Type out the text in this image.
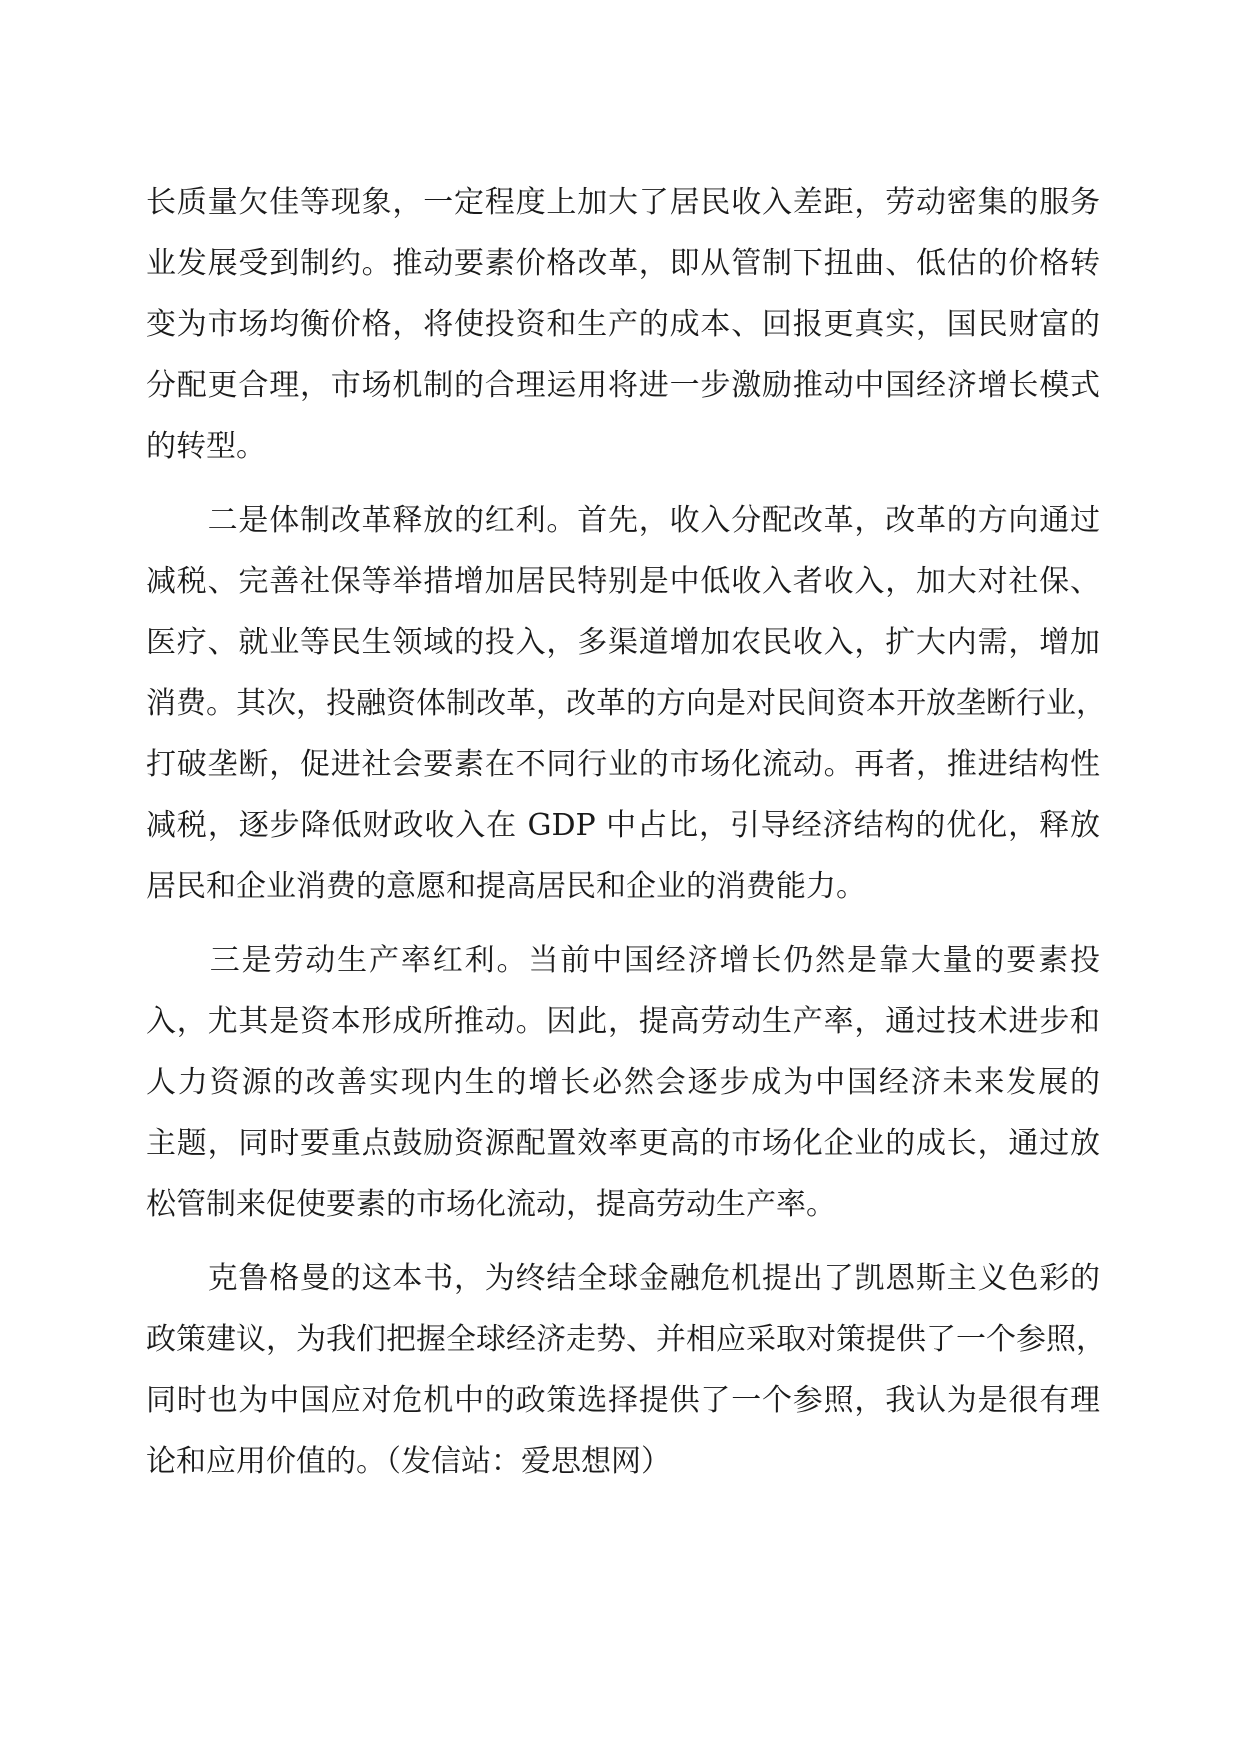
长质量欠佳等现象，一定程度上加大了居民收入差距，劳动密集的服务
业发展受到制约。推动要素价格改革，即从管制下扭曲、低估的价格转
变为市场均衡价格，将使投资和生产的成本、回报更真实，国民财富的
分配更合理，市场机制的合理运用将进一步激励推动中国经济增长模式
的转型。
　　二是体制改革释放的红利。首先，收入分配改革，改革的方向通过
减税、完善社保等举措增加居民特别是中低收入者收入，加大对社保、
医疗、就业等民生领域的投入，多渠道增加农民收入，扩大内需，增加
消费。其次，投融资体制改革，改革的方向是对民间资本开放垄断行业，
打破垄断，促进社会要素在不同行业的市场化流动。再者，推进结构性
减税，逐步降低财政收入在 GDP 中占比，引导经济结构的优化，释放
居民和企业消费的意愿和提高居民和企业的消费能力。
　　三是劳动生产率红利。当前中国经济增长仍然是靠大量的要素投
入，尤其是资本形成所推动。因此，提高劳动生产率，通过技术进步和
人力资源的改善实现内生的增长必然会逐步成为中国经济未来发展的
主题，同时要重点鼓励资源配置效率更高的市场化企业的成长，通过放
松管制来促使要素的市场化流动，提高劳动生产率。
　　克鲁格曼的这本书，为终结全球金融危机提出了凯恩斯主义色彩的
政策建议，为我们把握全球经济走势、并相应采取对策提供了一个参照，
同时也为中国应对危机中的政策选择提供了一个参照，我认为是很有理
论和应用价值的。（发信站：爱思想网）
